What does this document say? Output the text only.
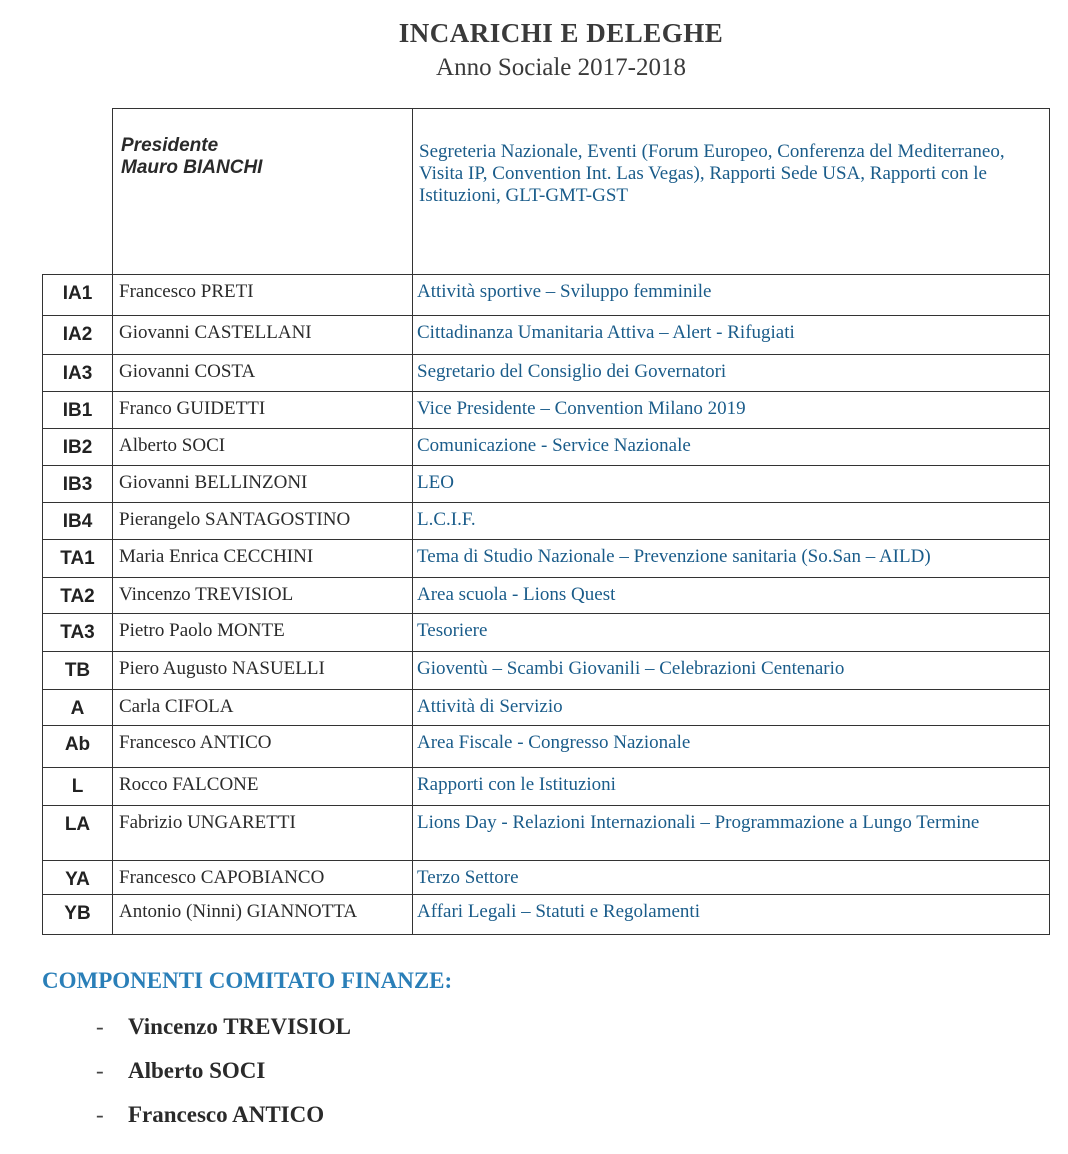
INCARICHI E DELEGHE
Anno Sociale 2017-2018

	Presidente
Mauro BIANCHI	Segreteria Nazionale, Eventi (Forum Europeo, Conferenza del Mediterraneo, Visita IP, Convention Int. Las Vegas), Rapporti Sede USA, Rapporti con le Istituzioni, GLT-GMT-GST
IA1	Francesco PRETI	Attività sportive – Sviluppo femminile
IA2	Giovanni CASTELLANI	Cittadinanza Umanitaria Attiva – Alert - Rifugiati
IA3	Giovanni COSTA	Segretario del Consiglio dei Governatori
IB1	Franco GUIDETTI	Vice Presidente – Convention Milano 2019
IB2	Alberto SOCI	Comunicazione - Service Nazionale
IB3	Giovanni BELLINZONI	LEO
IB4	Pierangelo SANTAGOSTINO	L.C.I.F.
TA1	Maria Enrica CECCHINI	Tema di Studio Nazionale – Prevenzione sanitaria (So.San – AILD)
TA2	Vincenzo TREVISIOL	Area scuola - Lions Quest
TA3	Pietro Paolo MONTE	Tesoriere
TB	Piero Augusto NASUELLI	Gioventù – Scambi Giovanili – Celebrazioni Centenario
A	Carla CIFOLA	Attività di Servizio
Ab	Francesco ANTICO	Area Fiscale - Congresso Nazionale
L	Rocco FALCONE	Rapporti con le Istituzioni
LA	Fabrizio UNGARETTI	Lions Day - Relazioni Internazionali – Programmazione a Lungo Termine
YA	Francesco CAPOBIANCO	Terzo Settore
YB	Antonio (Ninni) GIANNOTTA	Affari Legali – Statuti e Regolamenti
COMPONENTI COMITATO FINANZE:
- Vincenzo TREVISIOL
- Alberto SOCI
- Francesco ANTICO
